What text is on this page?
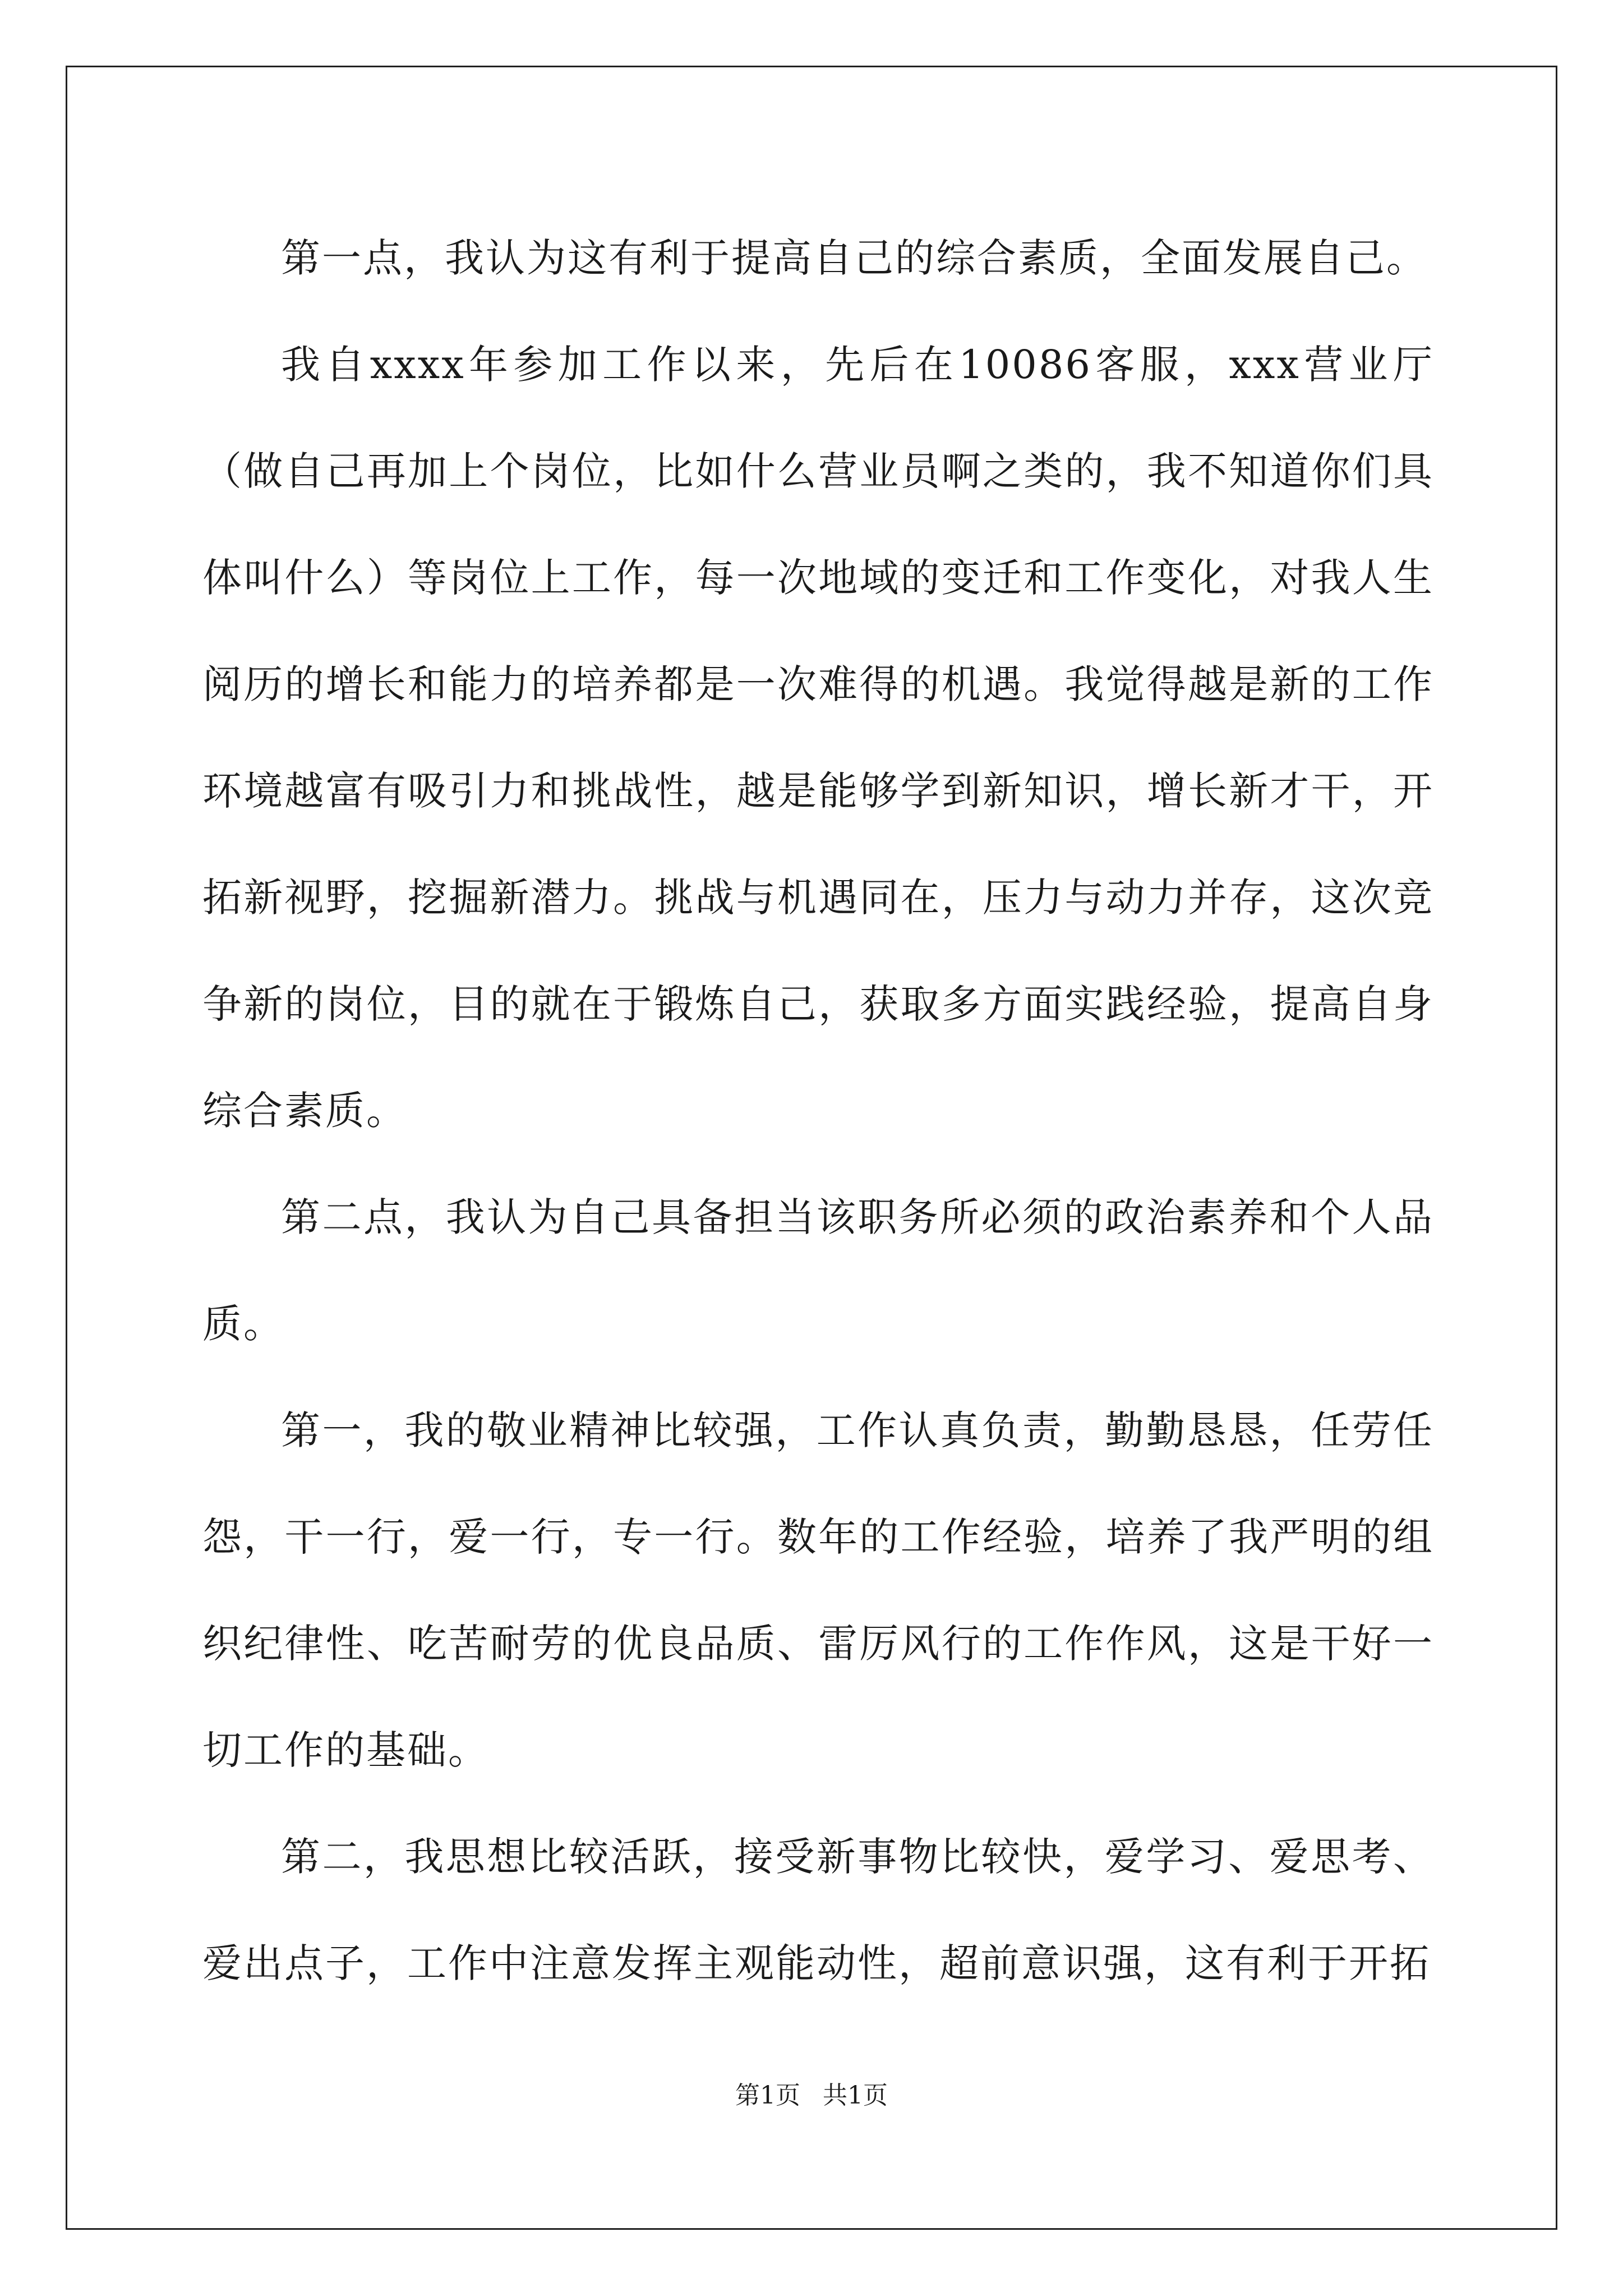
第一点，我认为这有利于提高自己的综合素质，全面发展自己。

我自xxxx年参加工作以来，先后在10086客服，xxx营业厅（做自己再加上个岗位，比如什么营业员啊之类的，我不知道你们具体叫什么）等岗位上工作，每一次地域的变迁和工作变化，对我人生阅历的增长和能力的培养都是一次难得的机遇。我觉得越是新的工作环境越富有吸引力和挑战性，越是能够学到新知识，增长新才干，开拓新视野，挖掘新潜力。挑战与机遇同在，压力与动力并存，这次竞争新的岗位，目的就在于锻炼自己，获取多方面实践经验，提高自身综合素质。

第二点，我认为自己具备担当该职务所必须的政治素养和个人品质。

第一，我的敬业精神比较强，工作认真负责，勤勤恳恳，任劳任怨，干一行，爱一行，专一行。数年的工作经验，培养了我严明的组织纪律性、吃苦耐劳的优良品质、雷厉风行的工作作风，这是干好一切工作的基础。

第二，我思想比较活跃，接受新事物比较快，爱学习、爱思考、爱出点子，工作中注意发挥主观能动性，超前意识强，这有利于开拓

第1页 共1页
